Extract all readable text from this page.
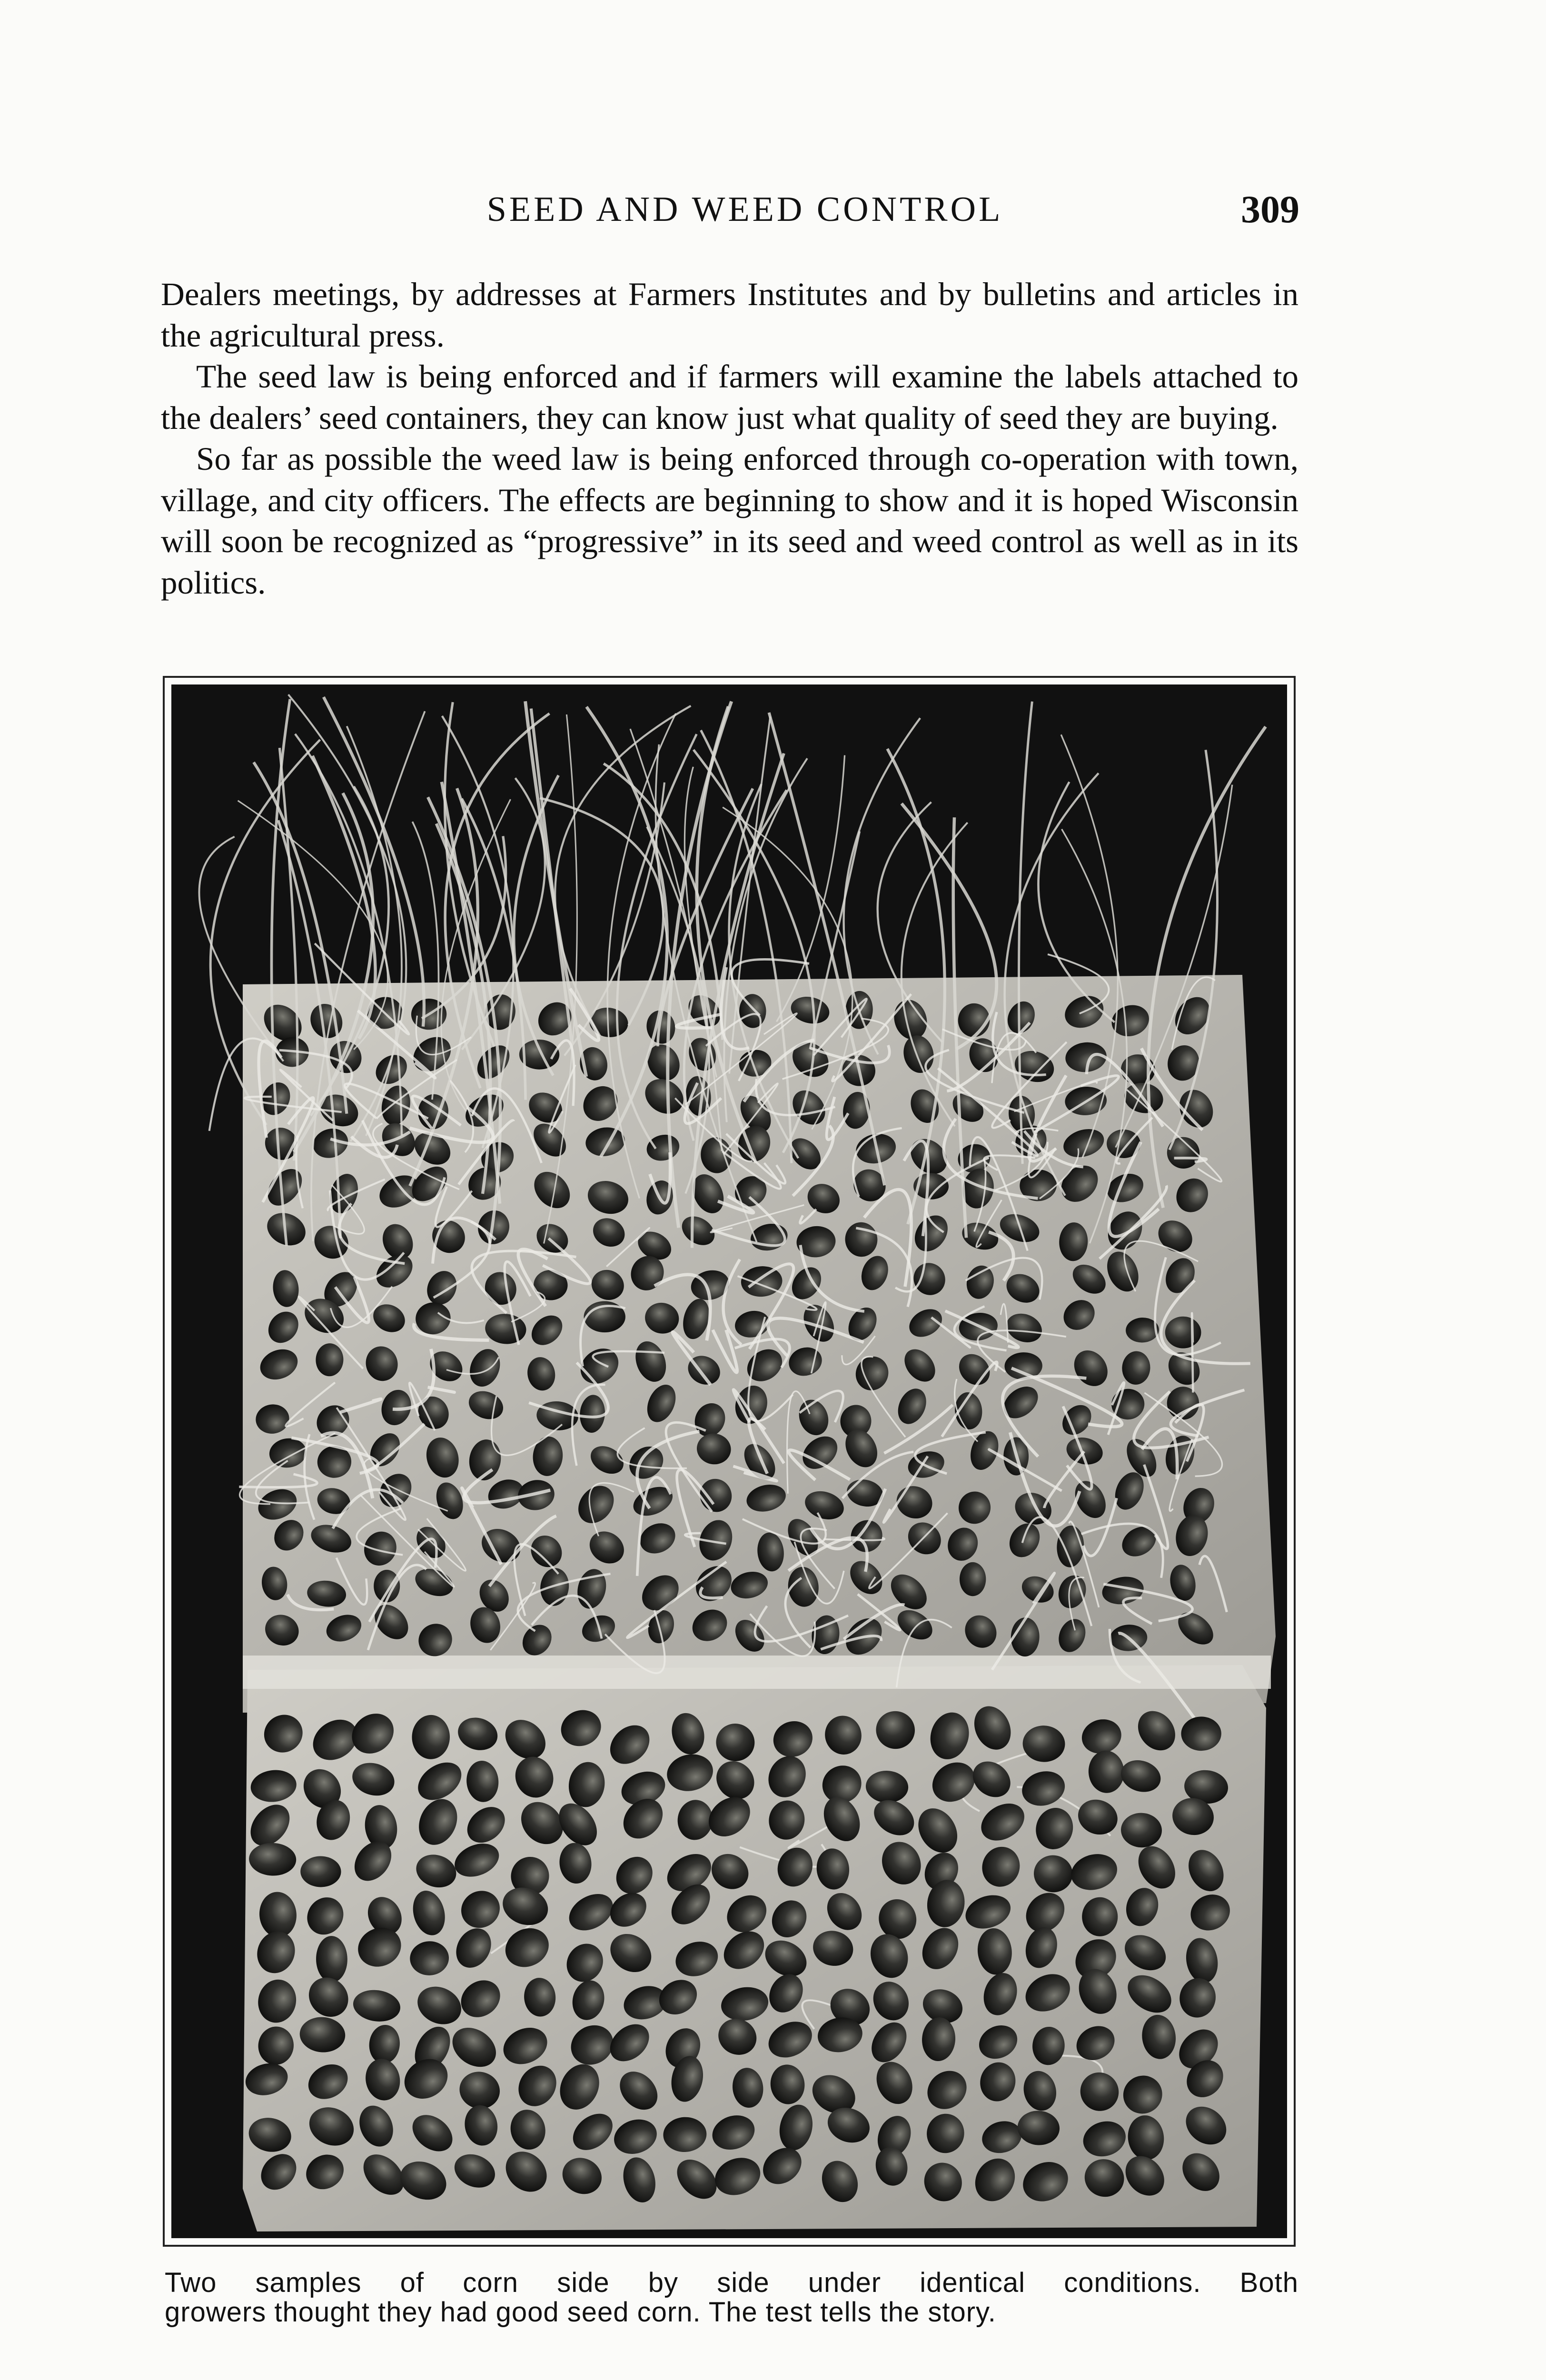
SEED AND WEED CONTROL	309

Dealers meetings, by addresses at Farmers Institutes and by bulletins and articles in the agricultural press.

The seed law is being enforced and if farmers will examine the labels attached to the dealers’ seed containers, they can know just what quality of seed they are buying.

So far as possible the weed law is being enforced through co-operation with town, village, and city officers. The effects are beginning to show and it is hoped Wisconsin will soon be recognized as “progressive” in its seed and weed control as well as in its politics.

Two samples of corn side by side under identical conditions. Both
growers thought they had good seed corn. The test tells the story.
